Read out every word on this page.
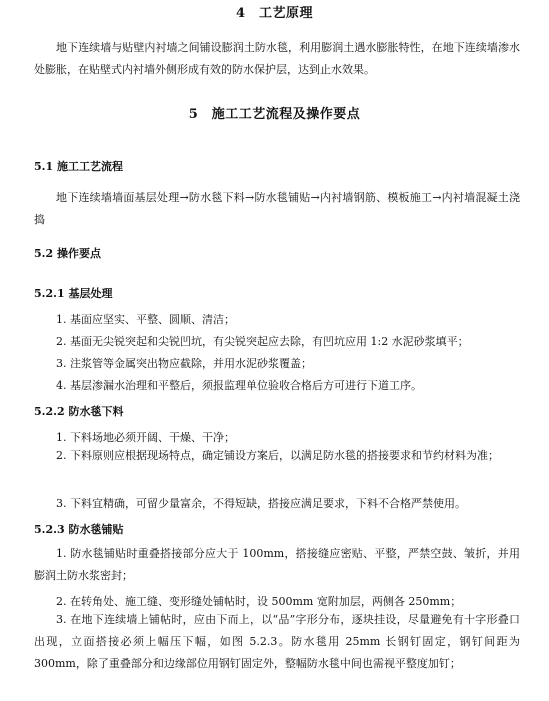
4　工艺原理
地下连续墙与贴壁内衬墙之间铺设膨润土防水毯，利用膨润土遇水膨胀特性，在地下连续墙渗水处膨胀，在贴壁式内衬墙外侧形成有效的防水保护层，达到止水效果。
5　施工工艺流程及操作要点
5.1 施工工艺流程
地下连续墙墙面基层处理→防水毯下料→防水毯铺贴→内衬墙钢筋、模板施工→内衬墙混凝土浇捣
5.2 操作要点
5.2.1 基层处理
1. 基面应坚实、平整、圆顺、清洁；
2. 基面无尖锐突起和尖锐凹坑，有尖锐突起应去除，有凹坑应用 1:2 水泥砂浆填平；
3. 注浆管等金属突出物应截除，并用水泥砂浆覆盖；
4. 基层渗漏水治理和平整后，须报监理单位验收合格后方可进行下道工序。
5.2.2 防水毯下料
1. 下料场地必须开阔、干燥、干净；
2. 下料原则应根据现场特点，确定铺设方案后，以满足防水毯的搭接要求和节约材料为准；
3. 下料宜精确，可留少量富余，不得短缺，搭接应满足要求，下料不合格严禁使用。
5.2.3 防水毯铺贴
1. 防水毯铺贴时重叠搭接部分应大于 100mm，搭接缝应密贴、平整，严禁空鼓、皱折，并用膨润土防水浆密封；
2. 在转角处、施工缝、变形缝处铺帖时，设 500mm 宽附加层，两侧各 250mm；
3. 在地下连续墙上铺帖时，应由下而上，以“品”字形分布，逐块挂设，尽量避免有十字形叠口出现，立面搭接必须上幅压下幅，如图 5.2.3。防水毯用 25mm 长钢钉固定，钢钉间距为 300mm，除了重叠部分和边缘部位用钢钉固定外，整幅防水毯中间也需视平整度加钉；
